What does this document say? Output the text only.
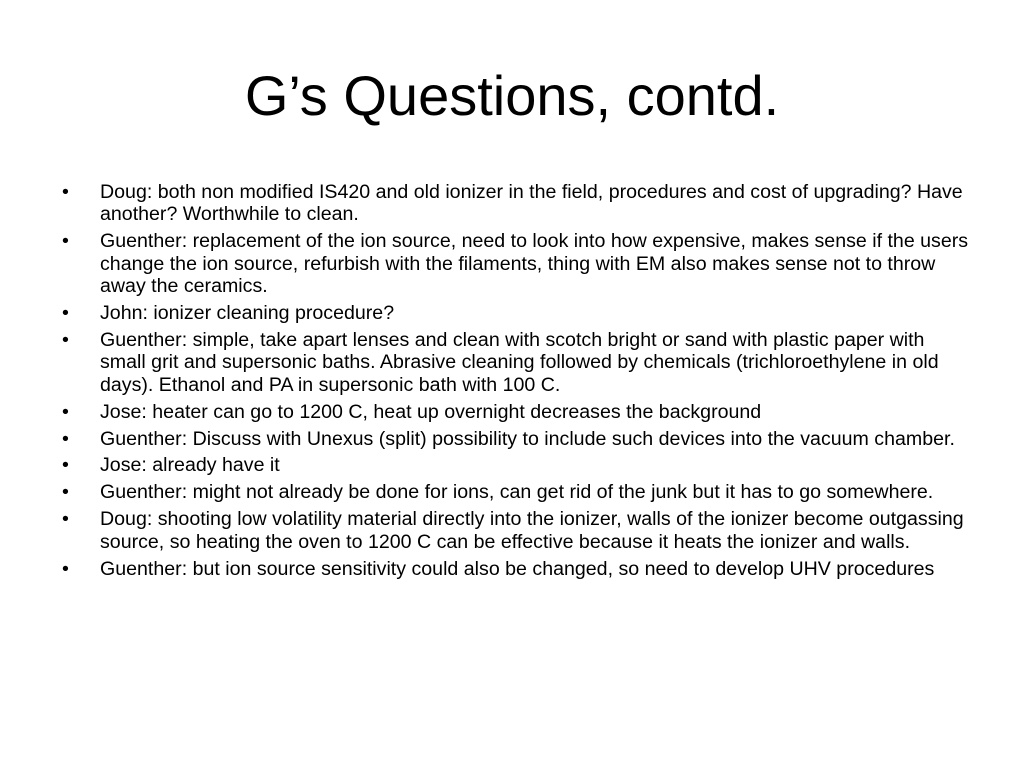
G’s Questions, contd.
•	Doug: both non modified IS420 and old ionizer in the field, procedures and cost of upgrading? Have another? Worthwhile to clean.
•	Guenther: replacement of the ion source, need to look into how expensive, makes sense if the users change the ion source, refurbish with the filaments, thing with EM also makes sense not to throw away the ceramics.
•	John: ionizer cleaning procedure?
•	Guenther: simple, take apart lenses and clean with scotch bright or sand with plastic paper with small grit and supersonic baths. Abrasive cleaning followed by chemicals (trichloroethylene in old days). Ethanol and PA in supersonic bath with 100 C.
•	Jose: heater can go to 1200 C, heat up overnight decreases the background
•	Guenther: Discuss with Unexus (split) possibility to include such devices into the vacuum chamber.
•	Jose: already have it
•	Guenther: might not already be done for ions, can get rid of the junk but it has to go somewhere.
•	Doug: shooting low volatility material directly into the ionizer, walls of the ionizer become outgassing source, so heating the oven to 1200 C can be effective because it heats the ionizer and walls.
•	Guenther: but ion source sensitivity could also be changed, so need to develop UHV procedures
